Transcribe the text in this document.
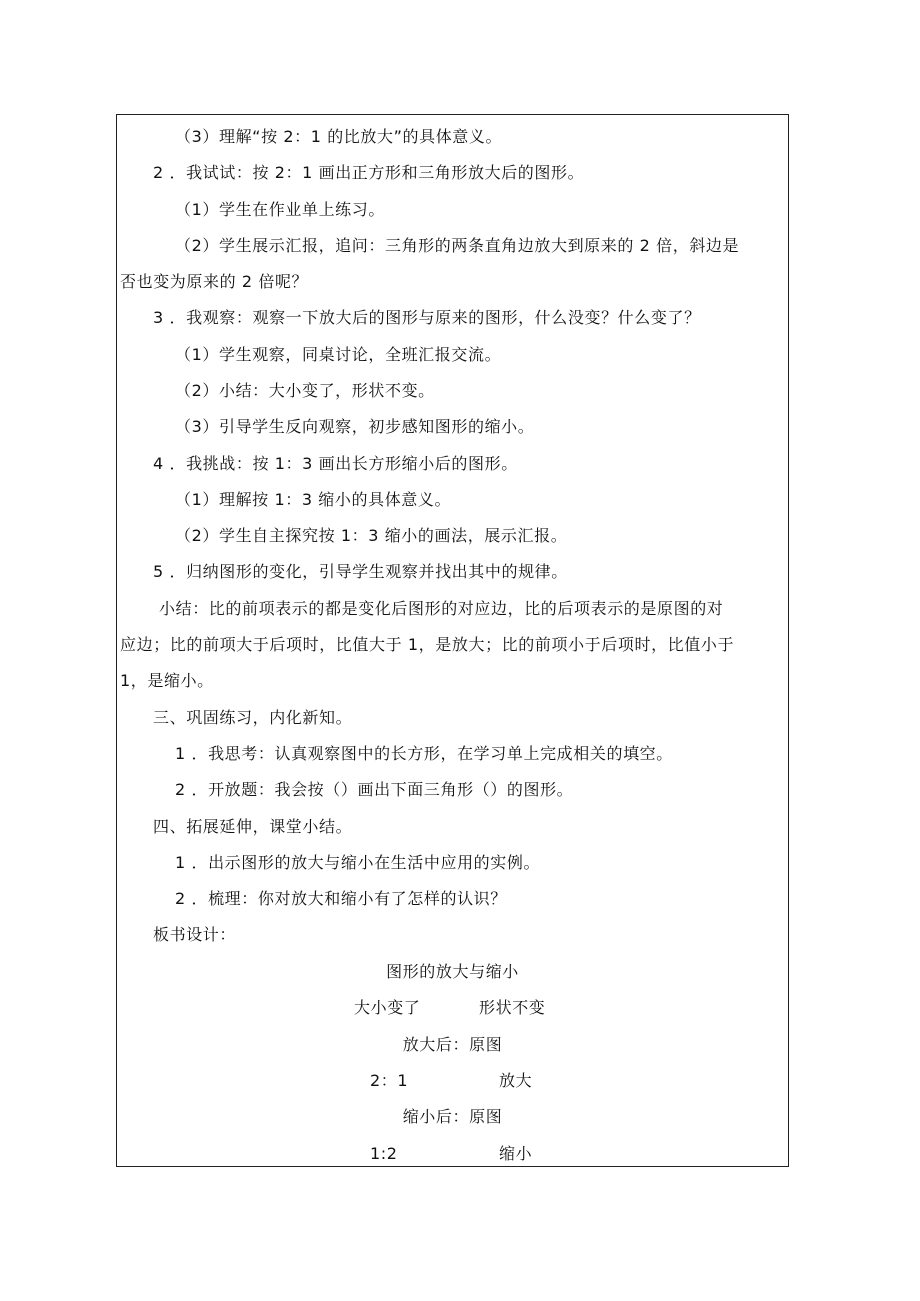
（3）理解“按 2：1 的比放大”的具体意义。
2 ．我试试：按 2：1 画出正方形和三角形放大后的图形。
（1）学生在作业单上练习。
（2）学生展示汇报，追问：三角形的两条直角边放大到原来的 2 倍，斜边是
否也变为原来的 2 倍呢？
3 ．我观察：观察一下放大后的图形与原来的图形，什么没变？什么变了？
（1）学生观察，同桌讨论，全班汇报交流。
（2）小结：大小变了，形状不变。
（3）引导学生反向观察，初步感知图形的缩小。
4 ．我挑战：按 1：3 画出长方形缩小后的图形。
（1）理解按 1：3 缩小的具体意义。
（2）学生自主探究按 1：3 缩小的画法，展示汇报。
5 ．归纳图形的变化，引导学生观察并找出其中的规律。
小结：比的前项表示的都是变化后图形的对应边，比的后项表示的是原图的对
应边；比的前项大于后项时，比值大于 1，是放大；比的前项小于后项时，比值小于
1，是缩小。
三、巩固练习，内化新知。
1 ．我思考：认真观察图中的长方形，在学习单上完成相关的填空。
2 ．开放题：我会按（）画出下面三角形（）的图形。
四、拓展延伸，课堂小结。
1 ．出示图形的放大与缩小在生活中应用的实例。
2 ．梳理：你对放大和缩小有了怎样的认识？
板书设计：
图形的放大与缩小
大小变了	形状不变
放大后：原图
2：1	放大
缩小后：原图
1:2	缩小
